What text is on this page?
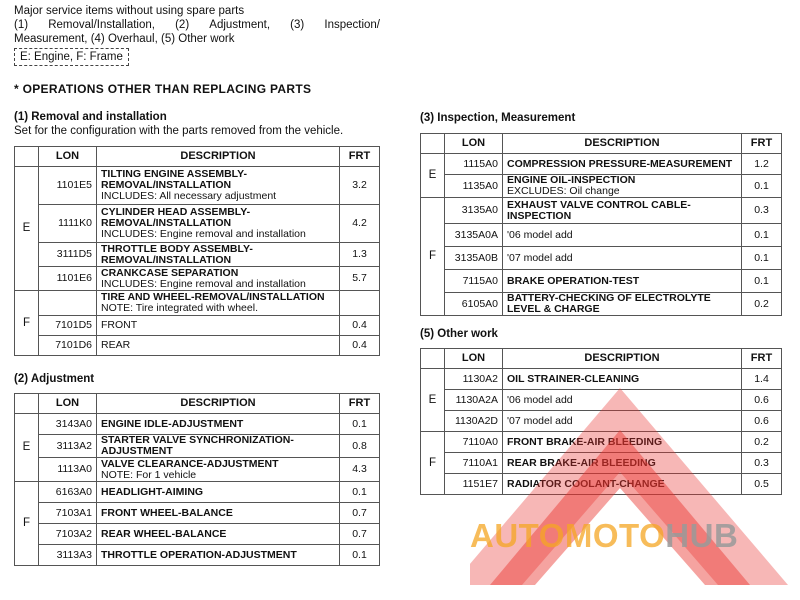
Major service items without using spare parts
(1) Removal/Installation, (2) Adjustment, (3) Inspection/
Measurement, (4) Overhaul, (5) Other work
E: Engine, F: Frame
* OPERATIONS OTHER THAN REPLACING PARTS
(1) Removal and installation
Set for the configuration with the parts removed from the vehicle.
(2) Adjustment
(3) Inspection, Measurement
(5) Other work
	LON	DESCRIPTION	FRT
E	1101E5	TILTING ENGINE ASSEMBLY-REMOVAL/INSTALLATION
INCLUDES: All necessary adjustment	3.2
	1111K0	CYLINDER HEAD ASSEMBLY-REMOVAL/INSTALLATION
INCLUDES: Engine removal and installation	4.2
	3111D5	THROTTLE BODY ASSEMBLY-REMOVAL/INSTALLATION	1.3
	1101E6	CRANKCASE SEPARATION
INCLUDES: Engine removal and installation	5.7
F		TIRE AND WHEEL-REMOVAL/INSTALLATION
NOTE: Tire integrated with wheel.	

	7101D5	FRONT	0.4
	7101D6	REAR	0.4
	LON	DESCRIPTION	FRT
E	3143A0	ENGINE IDLE-ADJUSTMENT	0.1
	3113A2	STARTER VALVE SYNCHRONIZATION-ADJUSTMENT	0.8
	1113A0	VALVE CLEARANCE-ADJUSTMENT
NOTE: For 1 vehicle	4.3
F	6163A0	HEADLIGHT-AIMING	0.1
	7103A1	FRONT WHEEL-BALANCE	0.7
	7103A2	REAR WHEEL-BALANCE	0.7
	3113A3	THROTTLE OPERATION-ADJUSTMENT	0.1
	LON	DESCRIPTION	FRT
E	1115A0	COMPRESSION PRESSURE-MEASUREMENT	1.2
	1135A0	ENGINE OIL-INSPECTION
EXCLUDES: Oil change	0.1
F	3135A0	EXHAUST VALVE CONTROL CABLE-INSPECTION	0.3
	3135A0A	'06 model add	0.1
	3135A0B	'07 model add	0.1
	7115A0	BRAKE OPERATION-TEST	0.1
	6105A0	BATTERY-CHECKING OF ELECTROLYTE LEVEL & CHARGE	0.2
	LON	DESCRIPTION	FRT
E	1130A2	OIL STRAINER-CLEANING	1.4
	1130A2A	'06 model add	0.6
	1130A2D	'07 model add	0.6
F	7110A0	FRONT BRAKE-AIR BLEEDING	0.2
	7110A1	REAR BRAKE-AIR BLEEDING	0.3
	1151E7	RADIATOR COOLANT-CHANGE	0.5
AUTOMOTOHUB
